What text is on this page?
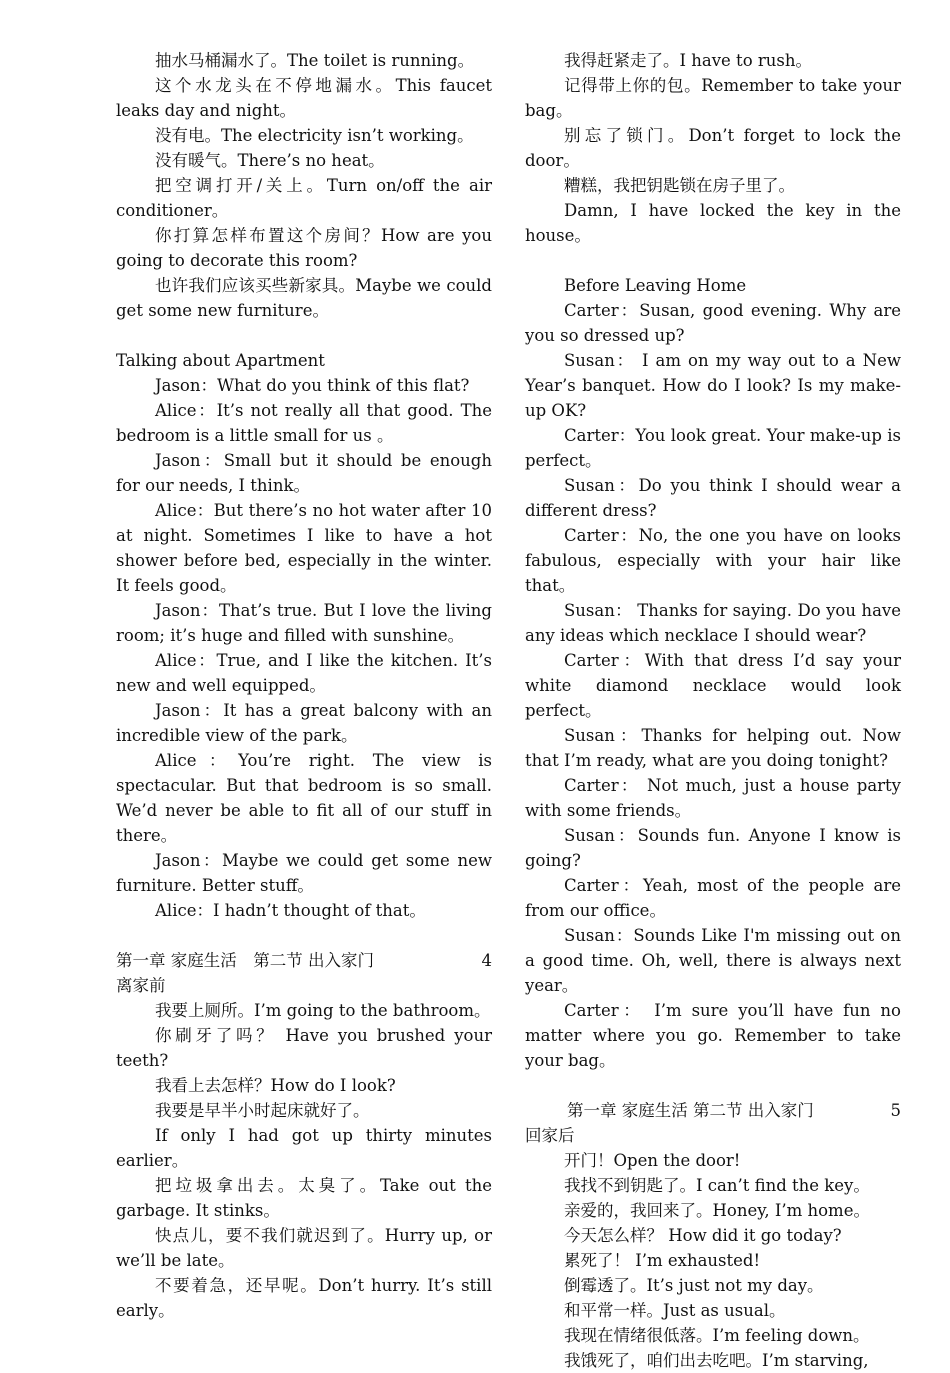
抽水马桶漏水了。The toilet is running。

这个水龙头在不停地漏水。This faucet leaks day and night。

没有电。The electricity isn’t working。

没有暖气。There’s no heat。

把空调打开/关上。Turn on/off the air conditioner。

你打算怎样布置这个房间？How are you going to decorate this room?

也许我们应该买些新家具。Maybe we could get some new furniture。

Talking about Apartment

Jason：What do you think of this flat?

Alice：It’s not really all that good. The bedroom is a little small for us 。

Jason：Small but it should be enough for our needs, I think。

Alice：But there’s no hot water after 10 at night. Sometimes I like to have a hot shower before bed, especially in the winter. It feels good。

Jason：That’s true. But I love the living room; it’s huge and filled with sunshine。

Alice：True, and I like the kitchen. It’s new and well equipped。

Jason：It has a great balcony with an incredible view of the park。

Alice：You’re right. The view is spectacular. But that bedroom is so small. We’d never be able to fit all of our stuff in there。

Jason：Maybe we could get some new furniture. Better stuff。

Alice：I hadn’t thought of that。

第一章 家庭生活　第二节 出入家门	4

离家前

我要上厕所。I’m going to the bathroom。

你刷牙了吗？ Have you brushed your teeth?

我看上去怎样？How do I look?

我要是早半小时起床就好了。

If only I had got up thirty minutes earlier。

把垃圾拿出去。太臭了。Take out the garbage. It stinks。

快点儿，要不我们就迟到了。Hurry up, or we’ll be late。

不要着急，还早呢。Don’t hurry. It’s still early。

我得赶紧走了。I have to rush。

记得带上你的包。Remember to take your bag。

别忘了锁门。Don’t forget to lock the door。

糟糕，我把钥匙锁在房子里了。

Damn, I have locked the key in the house。

Before Leaving Home

Carter：Susan, good evening. Why are you so dressed up?

Susan： I am on my way out to a New Year’s banquet. How do I look? Is my make-up OK?

Carter：You look great. Your make-up is perfect。

Susan：Do you think I should wear a different dress?

Carter：No, the one you have on looks fabulous, especially with your hair like that。

Susan： Thanks for saying. Do you have any ideas which necklace I should wear?

Carter：With that dress I’d say your white diamond necklace would look perfect。

Susan：Thanks for helping out. Now that I’m ready, what are you doing tonight?

Carter： Not much, just a house party with some friends。

Susan：Sounds fun. Anyone I know is going?

Carter：Yeah, most of the people are from our office。

Susan：Sounds Like I'm missing out on a good time. Oh, well, there is always next year。

Carter： I’m sure you’ll have fun no matter where you go. Remember to take your bag。

第一章 家庭生活 第二节 出入家门	5

回家后

开门！Open the door!

我找不到钥匙了。I can’t find the key。

亲爱的，我回来了。Honey, I’m home。

今天怎么样？ How did it go today?

累死了！ I’m exhausted!

倒霉透了。It’s just not my day。

和平常一样。Just as usual。

我现在情绪很低落。I’m feeling down。

我饿死了，咱们出去吃吧。I’m starving,
